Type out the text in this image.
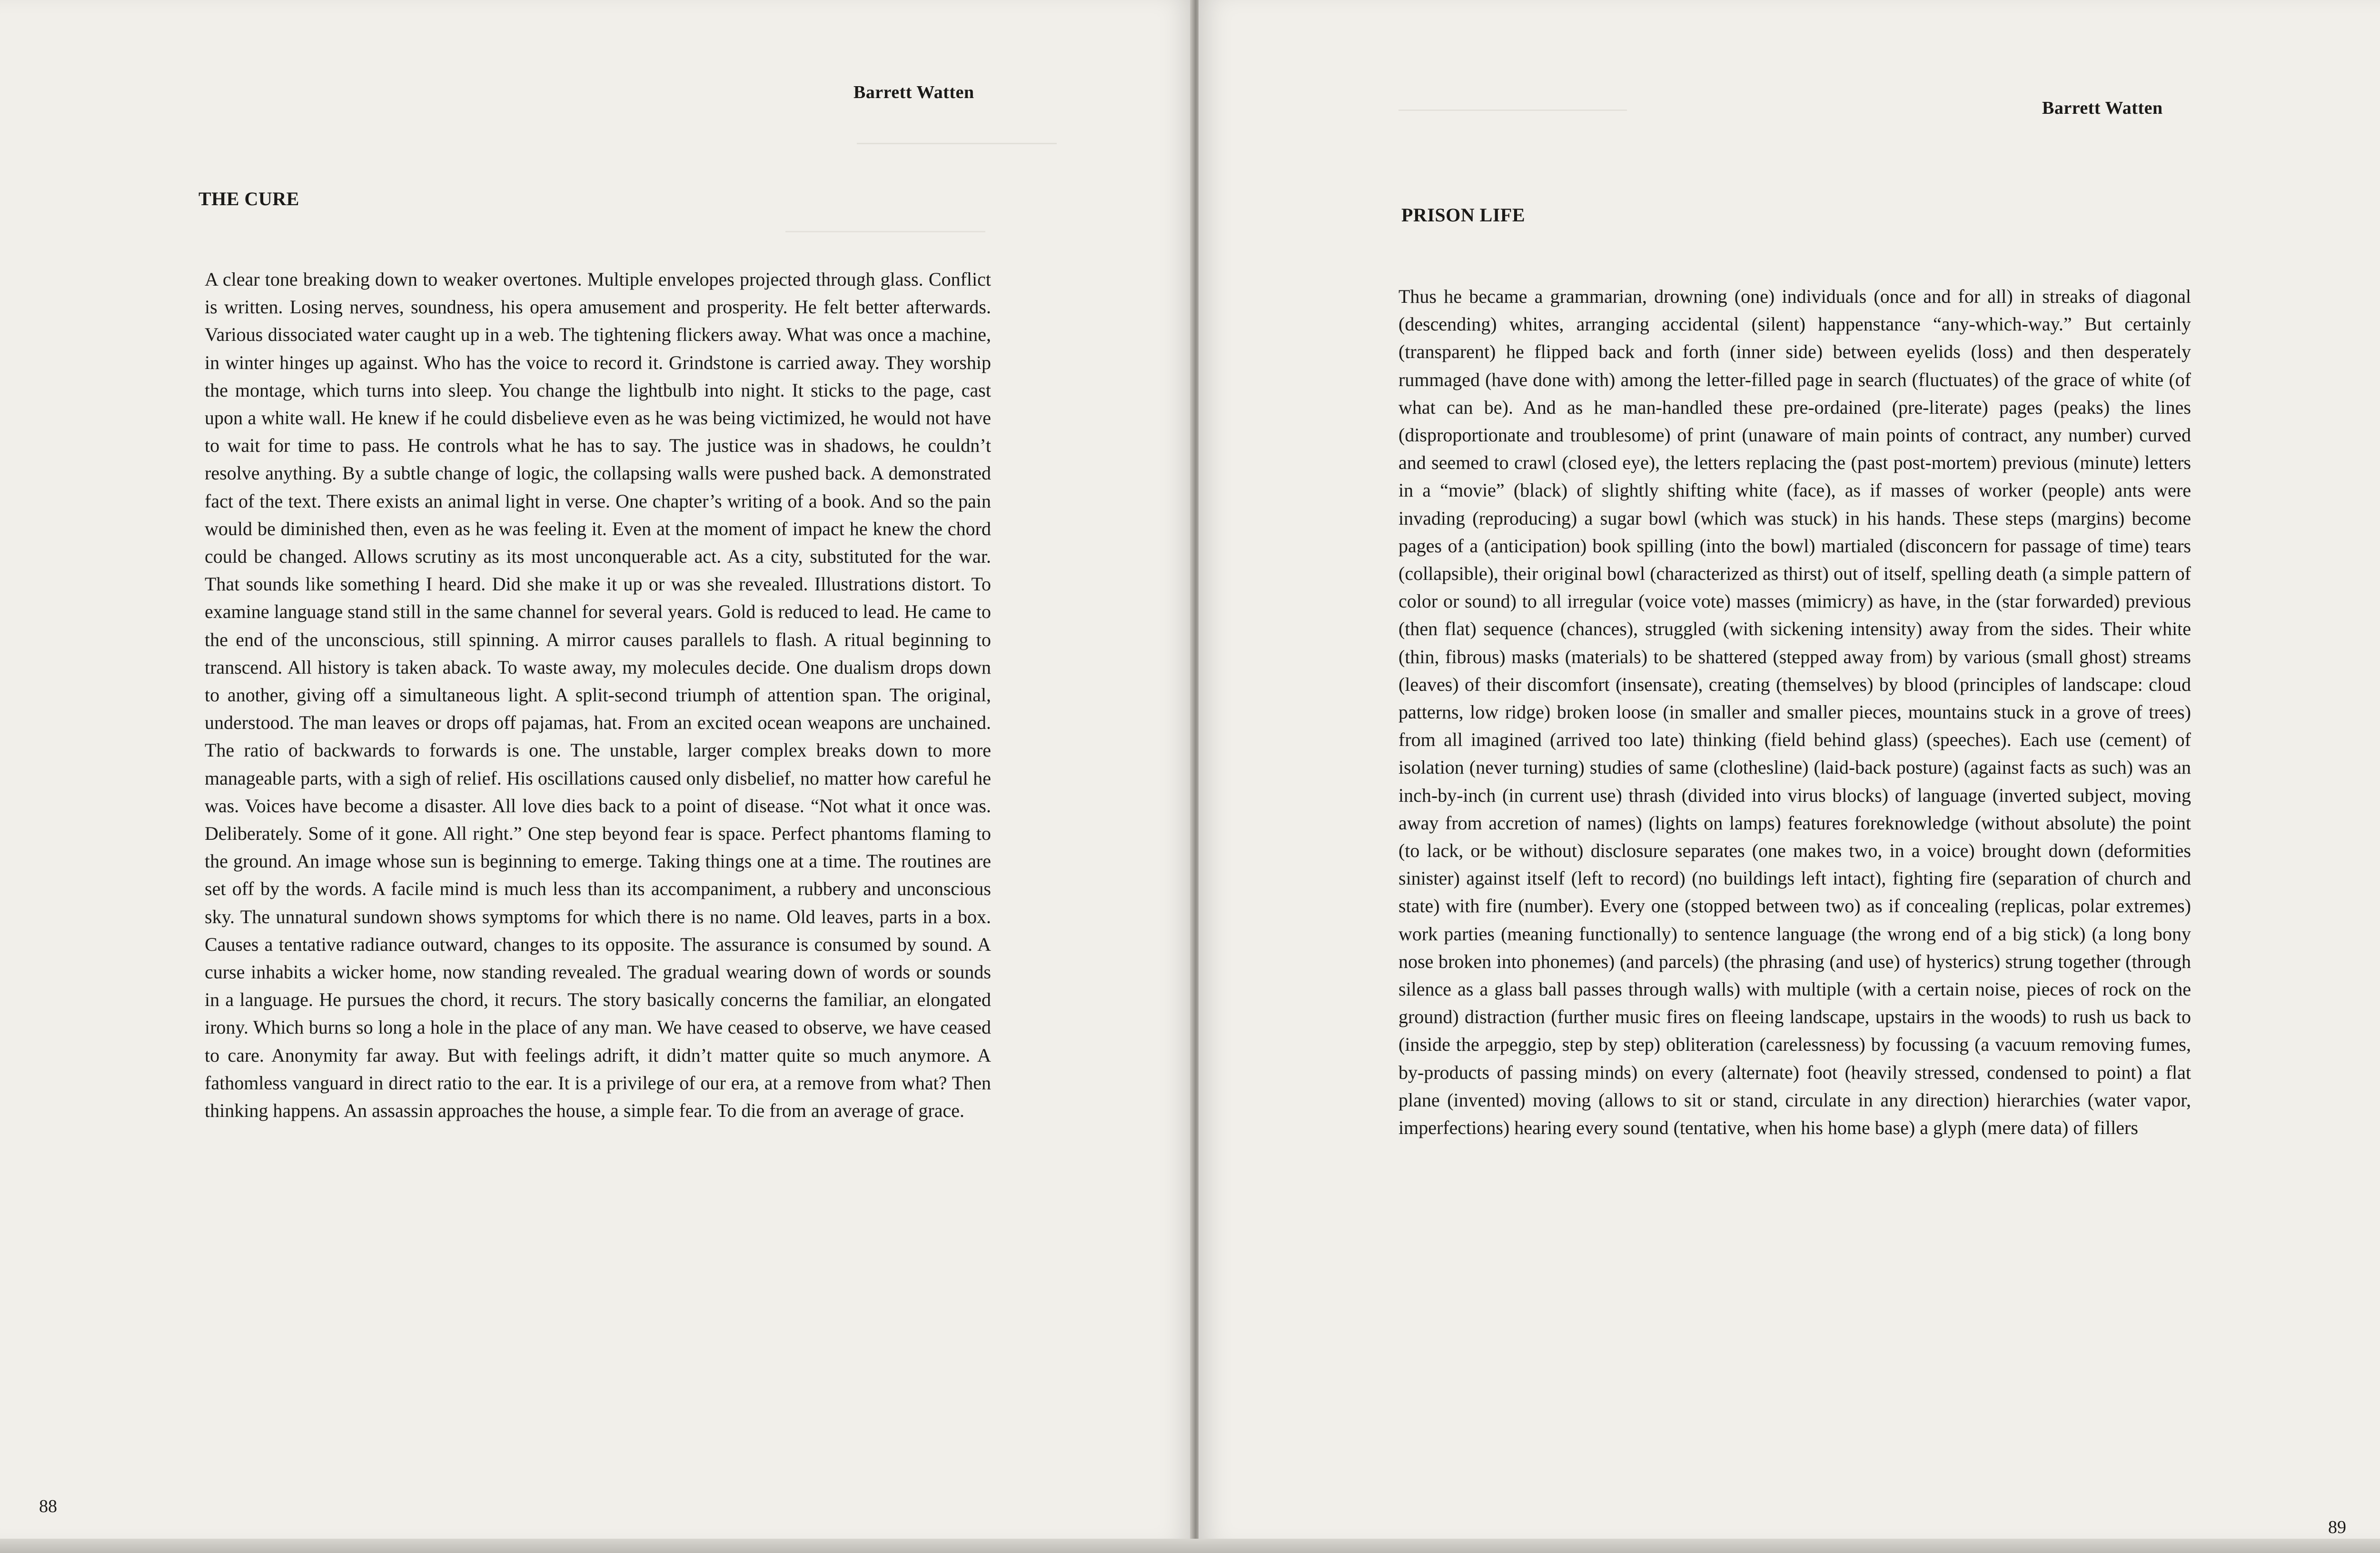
Barrett Watten
THE CURE

A clear tone breaking down to weaker overtones. Multiple envelopes projected through glass. Conflict is written. Losing nerves, soundness, his opera amusement and prosperity. He felt better afterwards. Various dissociated water caught up in a web. The tightening flickers away. What was once a machine, in winter hinges up against. Who has the voice to record it. Grindstone is carried away. They worship the montage, which turns into sleep. You change the lightbulb into night. It sticks to the page, cast upon a white wall. He knew if he could disbelieve even as he was being victimized, he would not have to wait for time to pass. He controls what he has to say. The justice was in shadows, he couldn’t resolve anything. By a subtle change of logic, the collapsing walls were pushed back. A demonstrated fact of the text. There exists an animal light in verse. One chapter’s writing of a book. And so the pain would be diminished then, even as he was feeling it. Even at the moment of impact he knew the chord could be changed. Allows scrutiny as its most unconquerable act. As a city, substituted for the war. That sounds like something I heard. Did she make it up or was she revealed. Illustrations distort. To examine language stand still in the same channel for several years. Gold is reduced to lead. He came to the end of the unconscious, still spinning. A mirror causes parallels to flash. A ritual beginning to transcend. All history is taken aback. To waste away, my molecules decide. One dualism drops down to another, giving off a simultaneous light. A split-second triumph of attention span. The original, understood. The man leaves or drops off pajamas, hat. From an excited ocean weapons are unchained. The ratio of backwards to forwards is one. The unstable, larger complex breaks down to more manageable parts, with a sigh of relief. His oscillations caused only disbelief, no matter how careful he was. Voices have become a disaster. All love dies back to a point of disease. “Not what it once was. Deliberately. Some of it gone. All right.” One step beyond fear is space. Perfect phantoms flaming to the ground. An image whose sun is beginning to emerge. Taking things one at a time. The routines are set off by the words. A facile mind is much less than its accompaniment, a rubbery and unconscious sky. The unnatural sundown shows symptoms for which there is no name. Old leaves, parts in a box. Causes a tentative radiance outward, changes to its opposite. The assurance is consumed by sound. A curse inhabits a wicker home, now standing revealed. The gradual wearing down of words or sounds in a language. He pursues the chord, it recurs. The story basically concerns the familiar, an elongated irony. Which burns so long a hole in the place of any man. We have ceased to observe, we have ceased to care. Anonymity far away. But with feelings adrift, it didn’t matter quite so much anymore. A fathomless vanguard in direct ratio to the ear. It is a privilege of our era, at a remove from what? Then thinking happens. An assassin approaches the house, a simple fear. To die from an average of grace.

88
Barrett Watten
PRISON LIFE

Thus he became a grammarian, drowning (one) individuals (once and for all) in streaks of diagonal (descending) whites, arranging accidental (silent) happenstance “any-which-way.” But certainly (transparent) he flipped back and forth (inner side) between eyelids (loss) and then desperately rummaged (have done with) among the letter-filled page in search (fluctuates) of the grace of white (of what can be). And as he man-handled these pre-ordained (pre-literate) pages (peaks) the lines (disproportionate and troublesome) of print (unaware of main points of contract, any number) curved and seemed to crawl (closed eye), the letters replacing the (past post-mortem) previous (minute) letters in a “movie” (black) of slightly shifting white (face), as if masses of worker (people) ants were invading (reproducing) a sugar bowl (which was stuck) in his hands. These steps (margins) become pages of a (anticipation) book spilling (into the bowl) martialed (disconcern for passage of time) tears (collapsible), their original bowl (characterized as thirst) out of itself, spelling death (a simple pattern of color or sound) to all irregular (voice vote) masses (mimicry) as have, in the (star forwarded) previous (then flat) sequence (chances), struggled (with sickening intensity) away from the sides. Their white (thin, fibrous) masks (materials) to be shattered (stepped away from) by various (small ghost) streams (leaves) of their discomfort (insensate), creating (themselves) by blood (principles of landscape: cloud patterns, low ridge) broken loose (in smaller and smaller pieces, mountains stuck in a grove of trees) from all imagined (arrived too late) thinking (field behind glass) (speeches). Each use (cement) of isolation (never turning) studies of same (clothesline) (laid-back posture) (against facts as such) was an inch-by-inch (in current use) thrash (divided into virus blocks) of language (inverted subject, moving away from accretion of names) (lights on lamps) features foreknowledge (without absolute) the point (to lack, or be without) disclosure separates (one makes two, in a voice) brought down (deformities sinister) against itself (left to record) (no buildings left intact), fighting fire (separation of church and state) with fire (number). Every one (stopped between two) as if concealing (replicas, polar extremes) work parties (meaning functionally) to sentence language (the wrong end of a big stick) (a long bony nose broken into phonemes) (and parcels) (the phrasing (and use) of hysterics) strung together (through silence as a glass ball passes through walls) with multiple (with a certain noise, pieces of rock on the ground) distraction (further music fires on fleeing landscape, upstairs in the woods) to rush us back to (inside the arpeggio, step by step) obliteration (carelessness) by focussing (a vacuum removing fumes, by-products of passing minds) on every (alternate) foot (heavily stressed, condensed to point) a flat plane (invented) moving (allows to sit or stand, circulate in any direction) hierarchies (water vapor, imperfections) hearing every sound (tentative, when his home base) a glyph (mere data) of fillers

89
